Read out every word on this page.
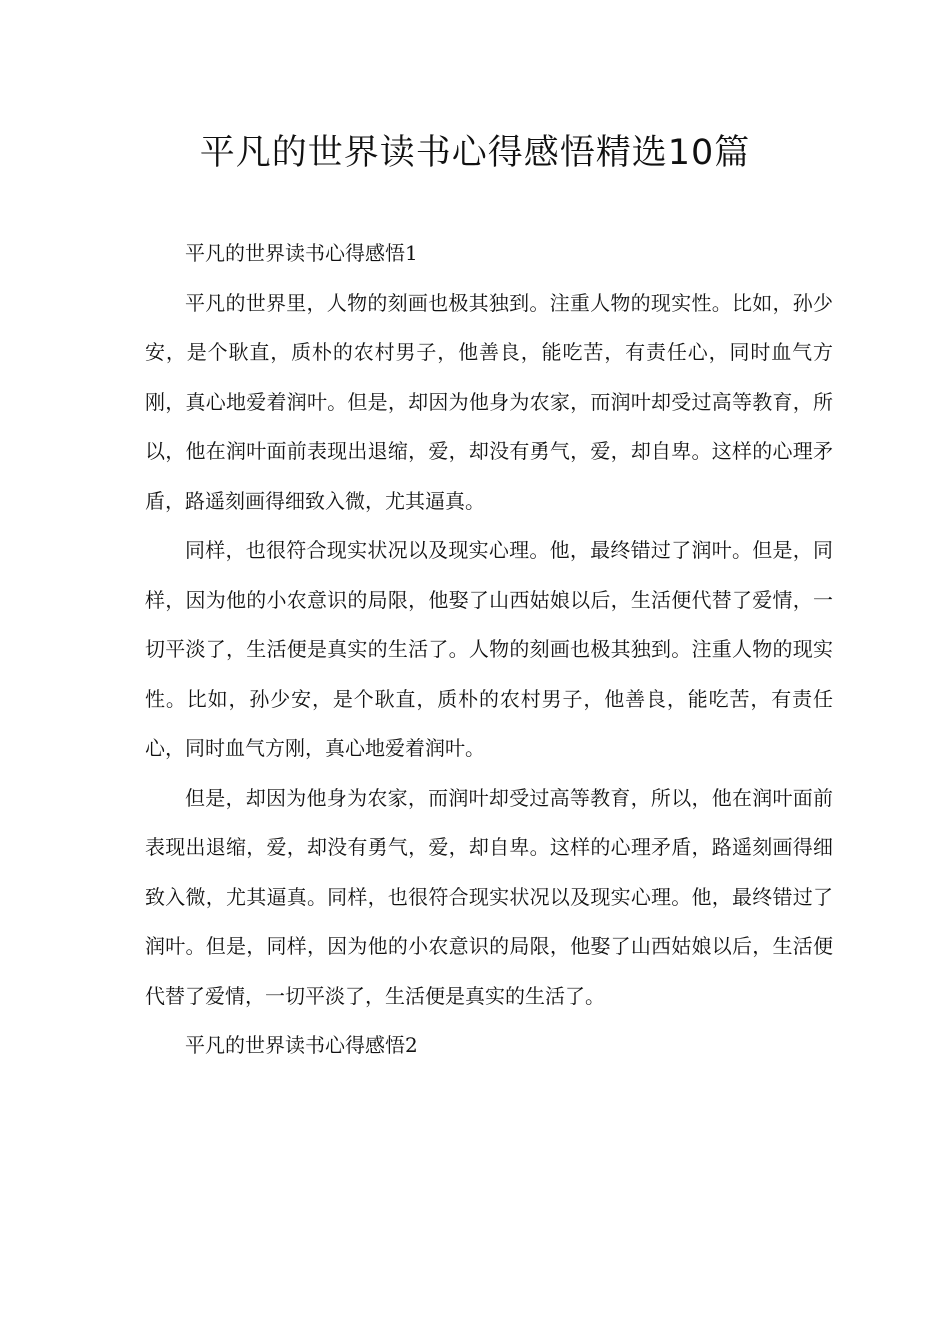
平凡的世界读书心得感悟精选10篇

平凡的世界读书心得感悟1

平凡的世界里，人物的刻画也极其独到。注重人物的现实性。比如，孙少安，是个耿直，质朴的农村男子，他善良，能吃苦，有责任心，同时血气方刚，真心地爱着润叶。但是，却因为他身为农家，而润叶却受过高等教育，所以，他在润叶面前表现出退缩，爱，却没有勇气，爱，却自卑。这样的心理矛盾，路遥刻画得细致入微，尤其逼真。

同样，也很符合现实状况以及现实心理。他，最终错过了润叶。但是，同样，因为他的小农意识的局限，他娶了山西姑娘以后，生活便代替了爱情，一切平淡了，生活便是真实的生活了。人物的刻画也极其独到。注重人物的现实性。比如，孙少安，是个耿直，质朴的农村男子，他善良，能吃苦，有责任心，同时血气方刚，真心地爱着润叶。

但是，却因为他身为农家，而润叶却受过高等教育，所以，他在润叶面前表现出退缩，爱，却没有勇气，爱，却自卑。这样的心理矛盾，路遥刻画得细致入微，尤其逼真。同样，也很符合现实状况以及现实心理。他，最终错过了润叶。但是，同样，因为他的小农意识的局限，他娶了山西姑娘以后，生活便代替了爱情，一切平淡了，生活便是真实的生活了。

平凡的世界读书心得感悟2
